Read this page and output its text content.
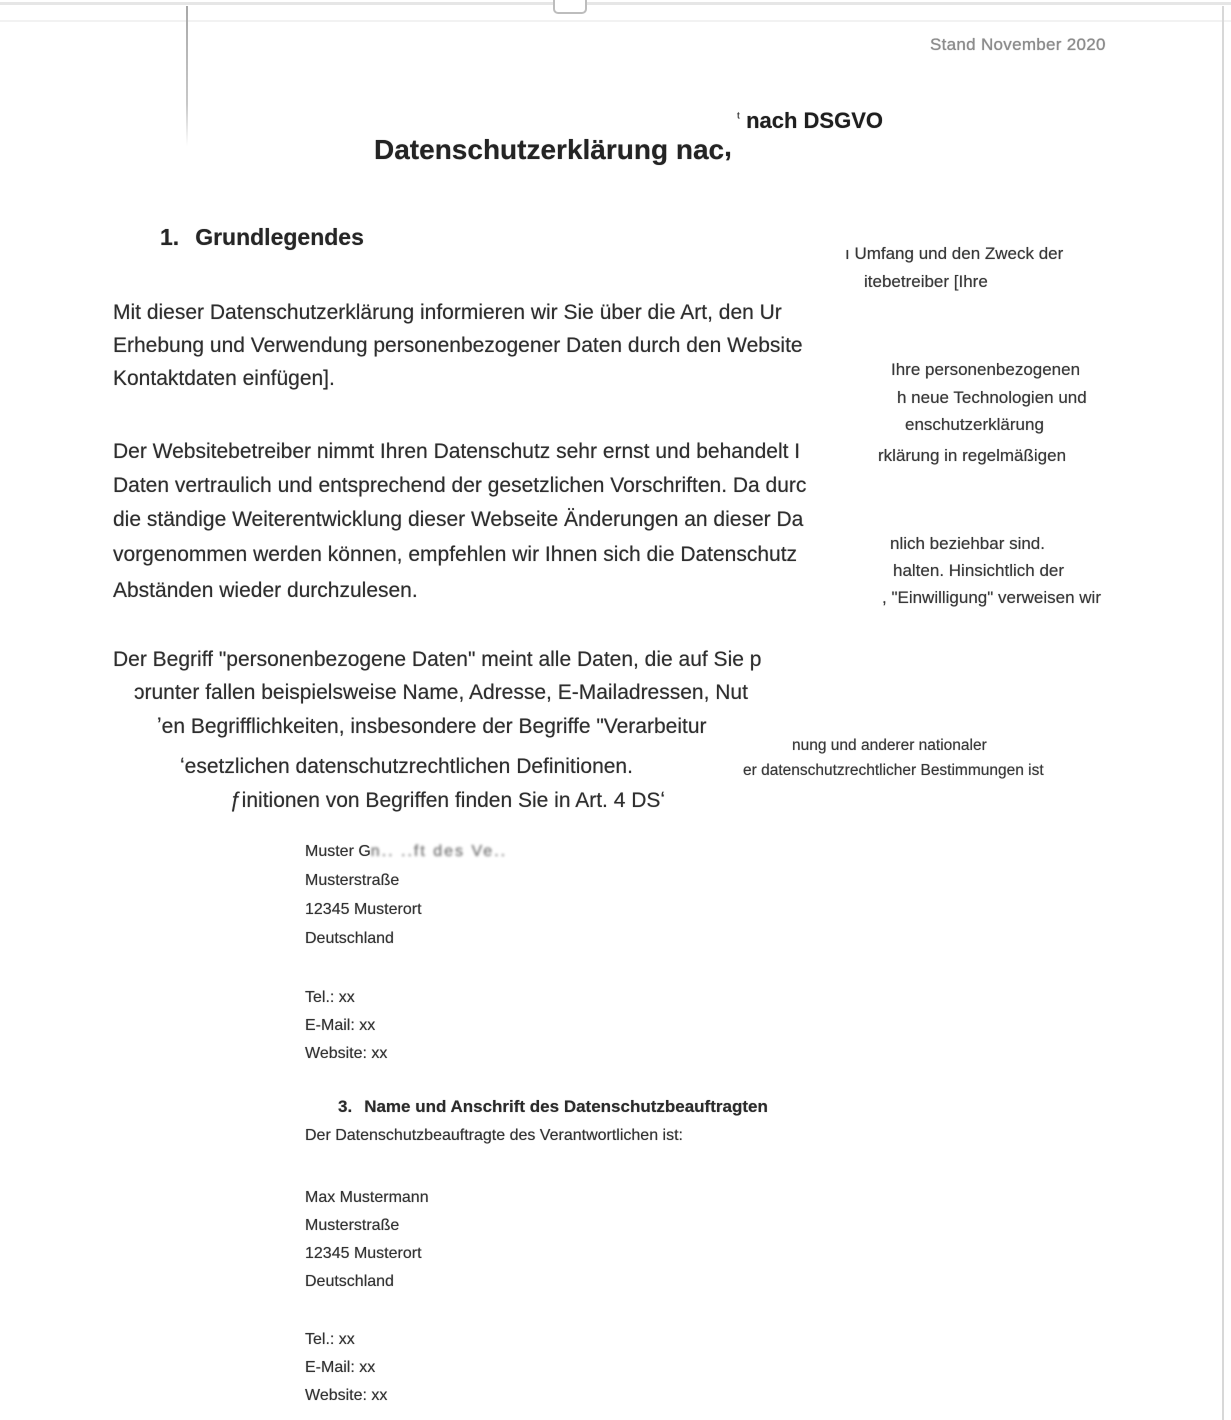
Stand November 2020
ᵗ nach DSGVO
Datenschutzerklärung nac,
1. Grundlegendes
ı Umfang und den Zweck der
itebetreiber [Ihre
Mit dieser Datenschutzerklärung informieren wir Sie über die Art, den Ur
Erhebung und Verwendung personenbezogener Daten durch den Website
Kontaktdaten einfügen].	Ihre personenbezogenen
h neue Technologien und
enschutzerklärung
Der Websitebetreiber nimmt Ihren Datenschutz sehr ernst und behandelt I	rklärung in regelmäßigen
Daten vertraulich und entsprechend der gesetzlichen Vorschriften. Da durc
die ständige Weiterentwicklung dieser Webseite Änderungen an dieser Da
vorgenommen werden können, empfehlen wir Ihnen sich die Datenschutz
Abständen wieder durchzulesen.
nlich beziehbar sind.
halten. Hinsichtlich der
, "Einwilligung" verweisen wir
Der Begriff "personenbezogene Daten" meint alle Daten, die auf Sie p
ɔrunter fallen beispielsweise Name, Adresse, E-Mailadressen, Nut
ʼen Begrifflichkeiten, insbesondere der Begriffe "Verarbeitur
ʻesetzlichen datenschutzrechtlichen Definitionen.
ƒinitionen von Begriffen finden Sie in Art. 4 DSʻ
nung und anderer nationaler
er datenschutzrechtlicher Bestimmungen ist
Muster Gn.. ..ft des Ve..
Musterstraße
12345 Musterort
Deutschland
Tel.: xx
E-Mail: xx
Website: xx
3. Name und Anschrift des Datenschutzbeauftragten
Der Datenschutzbeauftragte des Verantwortlichen ist:
Max Mustermann
Musterstraße
12345 Musterort
Deutschland
Tel.: xx
E-Mail: xx
Website: xx
